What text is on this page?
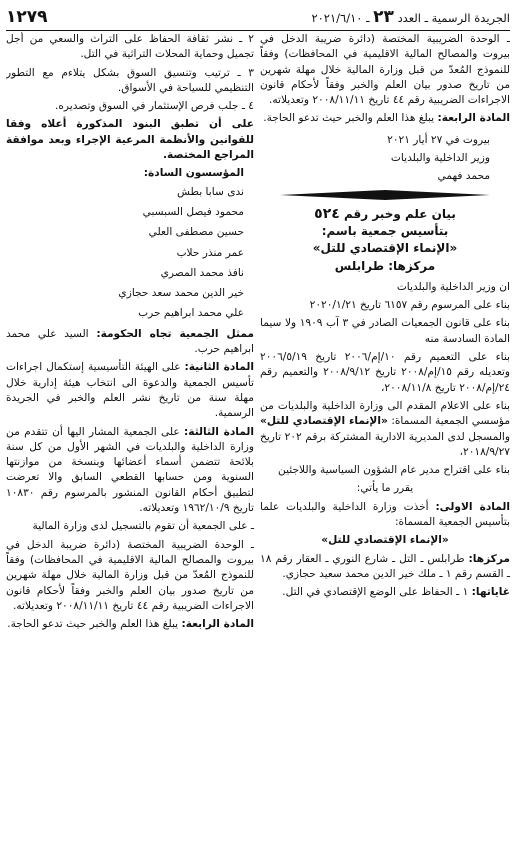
الجريدة الرسمية ـ العدد ٢٣ ـ ٢٠٢١/٦/١٠
١٢٧٩

ـ الوحدة الضريبية المختصة (دائرة ضريبة الدخل في بيروت والمصالح المالية الاقليمية في المحافظات) وفقاً للنموذج المُعدّ من قبل وزارة المالية خلال مهلة شهرين من تاريخ صدور بيان العلم والخبر وفقاً لأحكام قانون الاجراءات الضريبية رقم ٤٤ تاريخ ٢٠٠٨/١١/١١ وتعديلاته.

المادة الرابعة: يبلغ هذا العلم والخبر حيث تدعو الحاجة.

بيروت في ٢٧ أيار ٢٠٢١

وزير الداخلية والبلديات

محمد فهمي

بيان علم وخبر رقم ٥٢٤

بتأسيس جمعية باسم:

«الإنماء الإقتصادي للتل»

مركزها: طرابلس

ان وزير الداخلية والبلديات

بناء على المرسوم رقم ٦١٥٧ تاريخ ٢٠٢٠/١/٢١

بناء على قانون الجمعيات الصادر في ٣ آب ١٩٠٩ ولا سيما المادة السادسة منه

بناء على التعميم رقم ١٠/إم/٢٠٠٦ تاريخ ٢٠٠٦/٥/١٩ وتعديله رقم ١٥/إم/٢٠٠٨ تاريخ ٢٠٠٨/٩/١٢ والتعميم رقم ٢٤/إم/٢٠٠٨ تاريخ ٢٠٠٨/١١/٨،

بناء على الاعلام المقدم الى وزارة الداخلية والبلديات من مؤسسي الجمعية المسماة: «الإنماء الإقتصادي للتل» والمسجل لدى المديرية الادارية المشتركة برقم ٢٠٢ تاريخ ٢٠١٨/٩/٢٧،

بناء على اقتراح مدير عام الشؤون السياسية واللاجئين

يقرر ما يأتي:

المادة الاولى: أخذت وزارة الداخلية والبلديات علما بتأسيس الجمعية المسماة:

«الإنماء الإقتصادي للتل»

مركزها: طرابلس ـ التل ـ شارع النوري ـ العقار رقم ١٨ ـ القسم رقم ١ ـ ملك خير الدين محمد سعيد حجازي.

غاياتها: ١ ـ الحفاظ على الوضع الإقتصادي في التل.

٢ ـ نشر ثقافة الحفاظ على التراث والسعي من أجل تجميل وحماية المحلات التراثية في التل.

٣ ـ ترتيب وتنسيق السوق بشكل يتلاءم مع التطور التنظيمي للسياحة في الأسواق.

٤ ـ جلب فرص الإستثمار في السوق وتصديره.

على أن تطبق البنود المذكورة أعلاه وفقا للقوانين والأنظمة المرعية الإجراء وبعد موافقة المراجع المختصة.

المؤسسون السادة:

ندى سابا بطش

محمود فيصل السبسبي

حسين مصطفى العلي

عمر منذر حلاب

نافذ محمد المصري

خير الدين محمد سعد حجازي

علي محمد ابراهيم حرب

ممثل الجمعية تجاه الحكومة: السيد علي محمد ابراهيم حرب.

المادة الثانية: على الهيئة التأسيسية إستكمال اجراءات تأسيس الجمعية والدعوة الى انتخاب هيئة إدارية خلال مهلة سنة من تاريخ نشر العلم والخبر في الجريدة الرسمية.

المادة الثالثة: على الجمعية المشار اليها أن تتقدم من وزارة الداخلية والبلديات في الشهر الأول من كل سنة بلائحة تتضمن أسماء أعضائها وبنسخة من موازنتها السنوية ومن حسابها القطعي السابق والا تعرضت لتطبيق أحكام القانون المنشور بالمرسوم رقم ١٠٨٣٠ تاريخ ١٩٦٢/١٠/٩ وتعديلاته.

ـ على الجمعية أن تقوم بالتسجيل لدى وزارة المالية

ـ الوحدة الضريبية المختصة (دائرة ضريبة الدخل في بيروت والمصالح المالية الاقليمية في المحافظات) وفقاً للنموذج المُعدّ من قبل وزارة المالية خلال مهلة شهرين من تاريخ صدور بيان العلم والخبر وفقاً لأحكام قانون الاجراءات الضريبية رقم ٤٤ تاريخ ٢٠٠٨/١١/١١ وتعديلاته.

المادة الرابعة: يبلغ هذا العلم والخبر حيث تدعو الحاجة.
